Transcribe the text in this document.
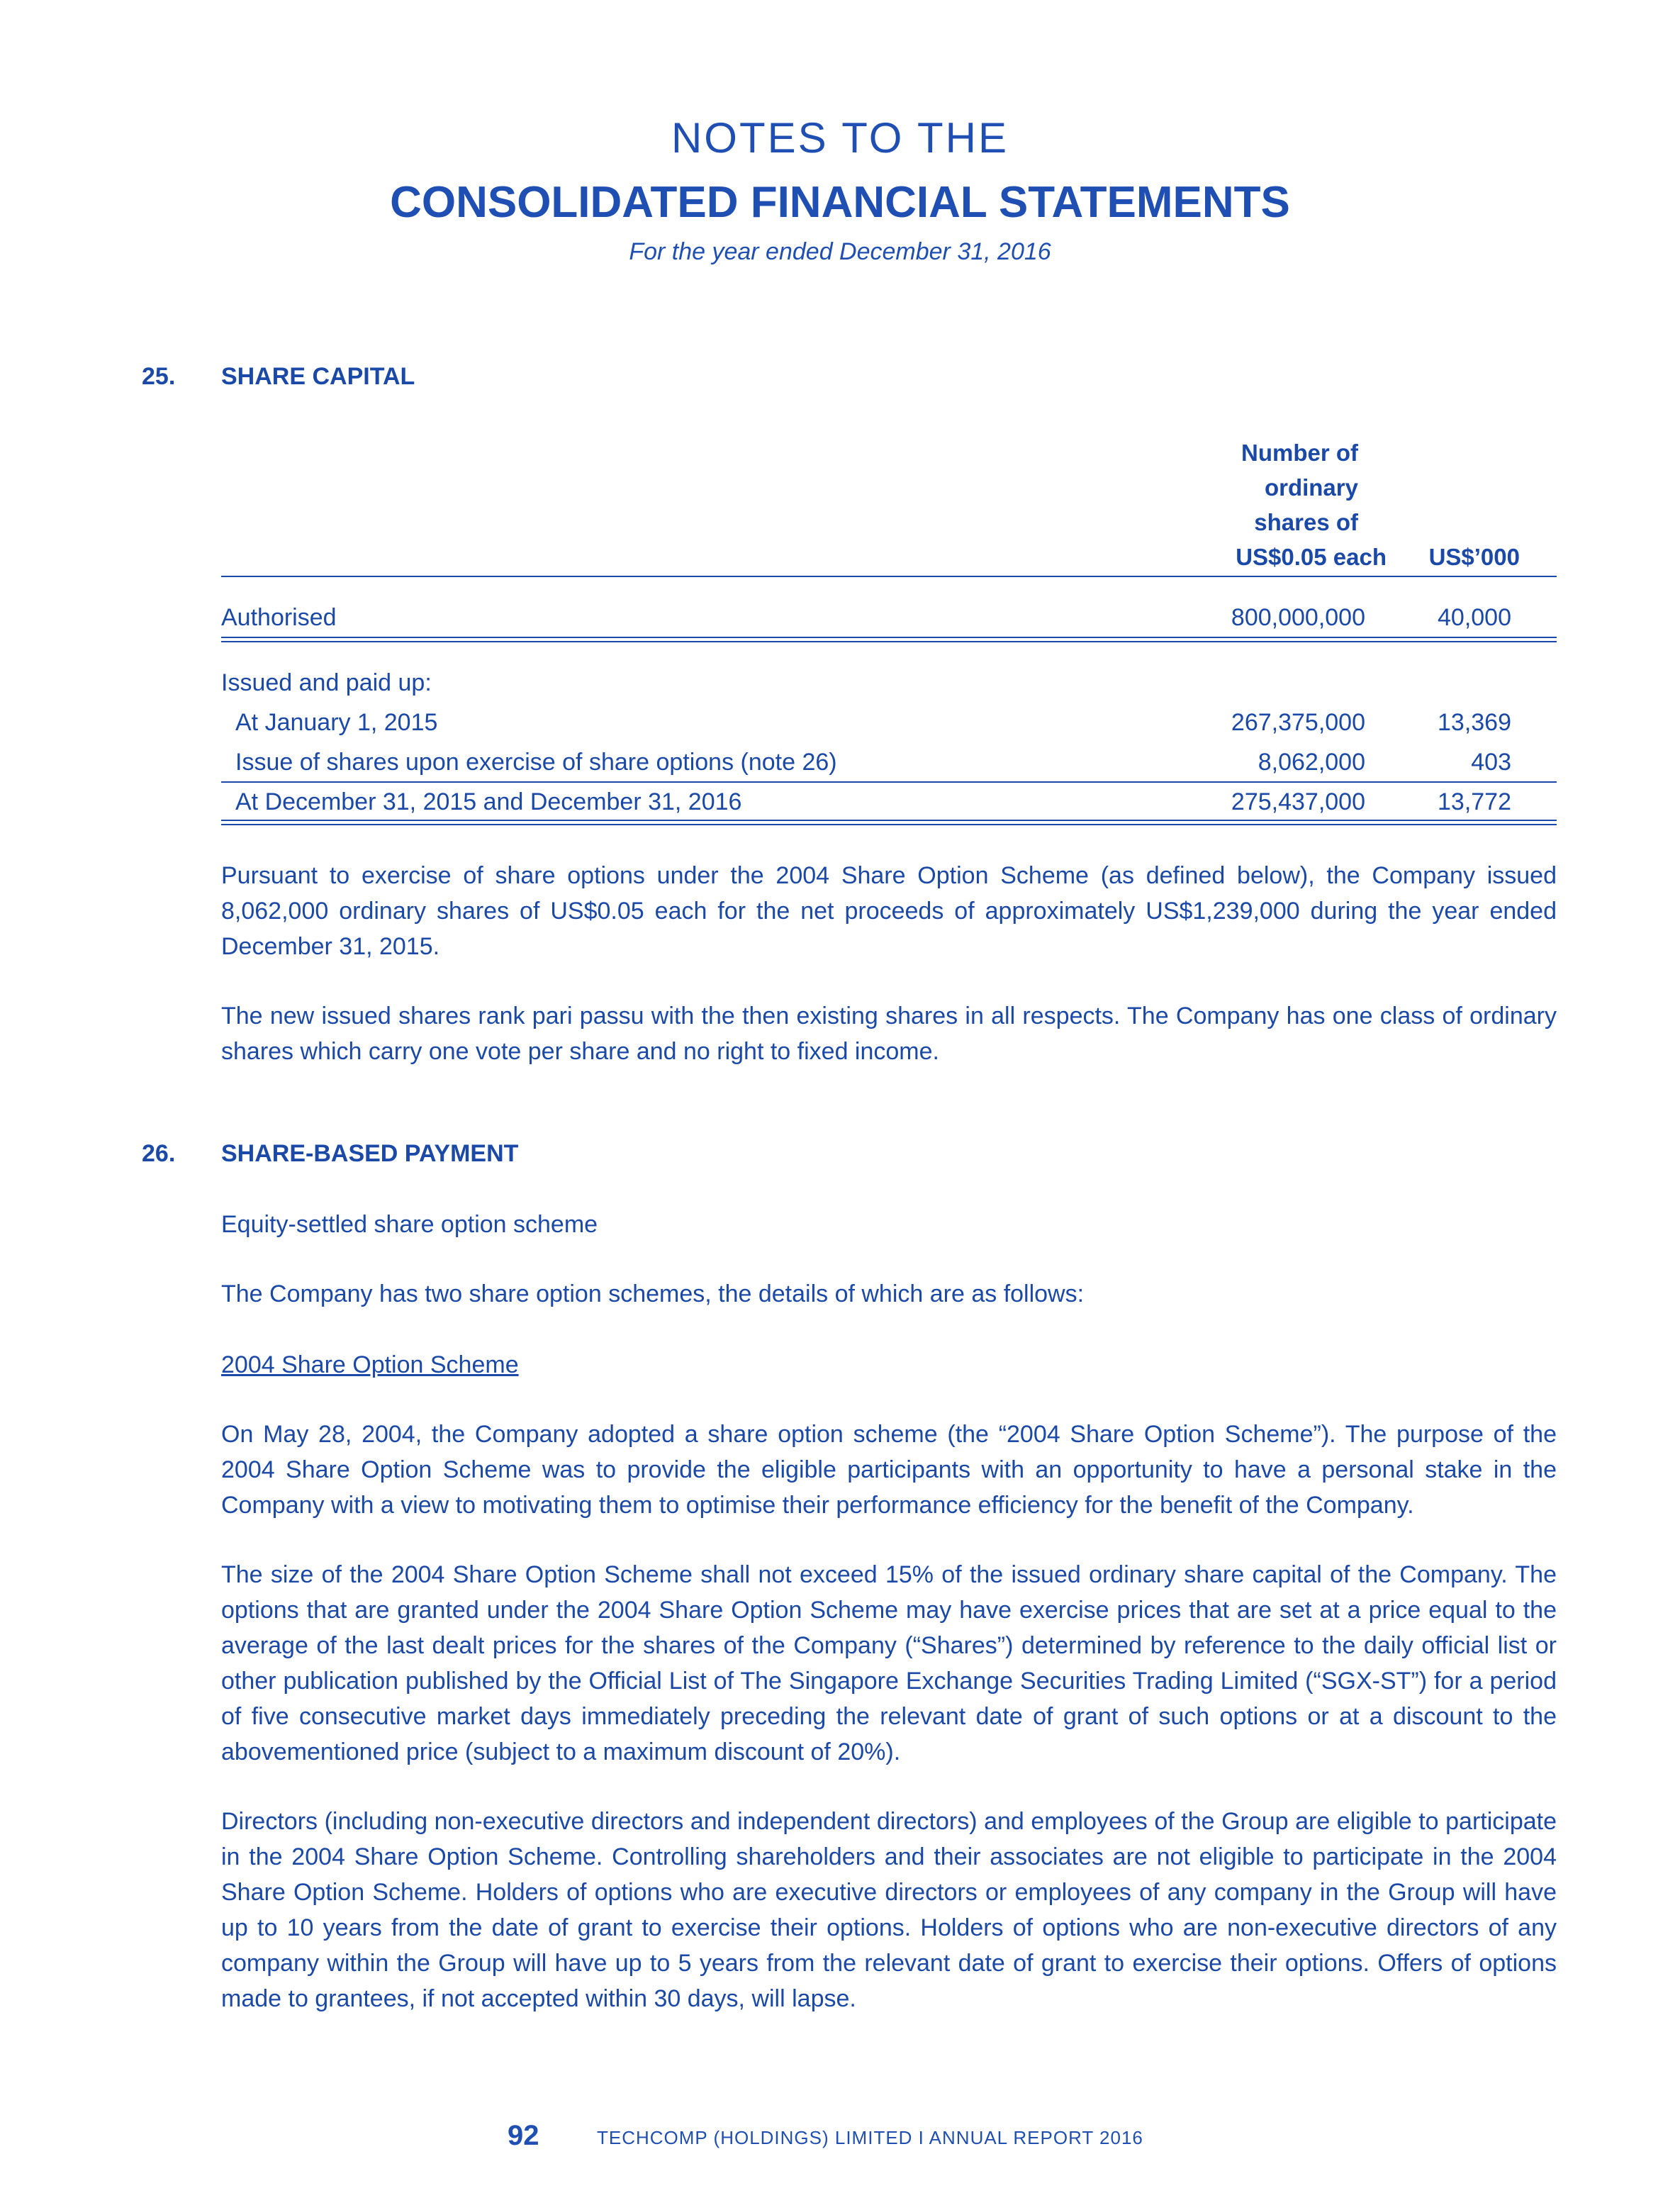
NOTES TO THE
CONSOLIDATED FINANCIAL STATEMENTS
For the year ended December 31, 2016
25. SHARE CAPITAL
Number of
ordinary
shares of
US$0.05 each US$’000
Authorised	800,000,000	40,000
Issued and paid up:
At January 1, 2015	267,375,000	13,369
Issue of shares upon exercise of share options (note 26)	8,062,000	403
At December 31, 2015 and December 31, 2016	275,437,000	13,772

Pursuant to exercise of share options under the 2004 Share Option Scheme (as defined below), the Company issued 8,062,000 ordinary shares of US$0.05 each for the net proceeds of approximately US$1,239,000 during the year ended December 31, 2015.

The new issued shares rank pari passu with the then existing shares in all respects. The Company has one class of ordinary shares which carry one vote per share and no right to fixed income.

26. SHARE-BASED PAYMENT

Equity-settled share option scheme

The Company has two share option schemes, the details of which are as follows:

2004 Share Option Scheme

On May 28, 2004, the Company adopted a share option scheme (the “2004 Share Option Scheme”). The purpose of the 2004 Share Option Scheme was to provide the eligible participants with an opportunity to have a personal stake in the Company with a view to motivating them to optimise their performance efficiency for the benefit of the Company.

The size of the 2004 Share Option Scheme shall not exceed 15% of the issued ordinary share capital of the Company. The options that are granted under the 2004 Share Option Scheme may have exercise prices that are set at a price equal to the average of the last dealt prices for the shares of the Company (“Shares”) determined by reference to the daily official list or other publication published by the Official List of The Singapore Exchange Securities Trading Limited (“SGX-ST”) for a period of five consecutive market days immediately preceding the relevant date of grant of such options or at a discount to the abovementioned price (subject to a maximum discount of 20%).

Directors (including non-executive directors and independent directors) and employees of the Group are eligible to participate in the 2004 Share Option Scheme. Controlling shareholders and their associates are not eligible to participate in the 2004 Share Option Scheme. Holders of options who are executive directors or employees of any company in the Group will have up to 10 years from the date of grant to exercise their options. Holders of options who are non-executive directors of any company within the Group will have up to 5 years from the relevant date of grant to exercise their options. Offers of options made to grantees, if not accepted within 30 days, will lapse.

92	TECHCOMP (HOLDINGS) LIMITED I ANNUAL REPORT 2016
